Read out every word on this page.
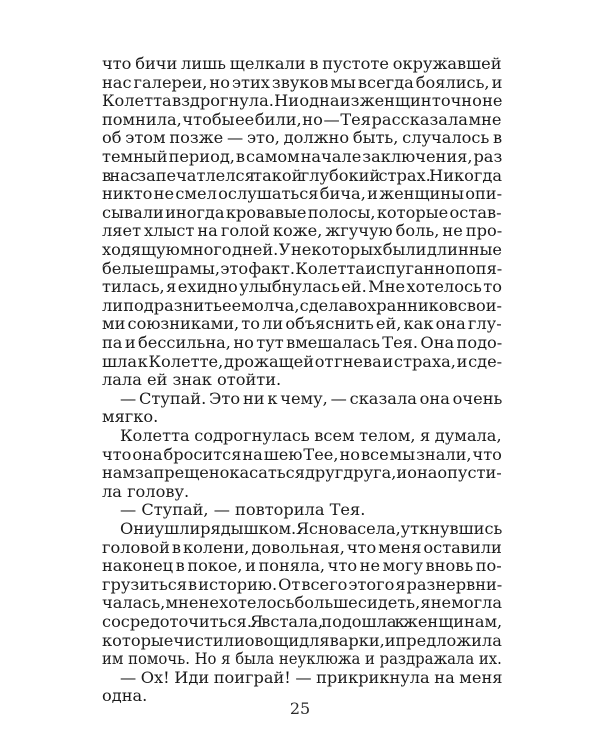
что бичи лишь щелкали в пустоте окружавшей
нас галереи, но этих звуков мы всегда боялись, и
Колетта вздрогнула. Ни одна из женщин точно не
помнила, чтобы ее били, но — Тея рассказала мне
об этом позже — это, должно быть, случалось в
темный период, в самом начале заключения, раз
в нас запечатлелся такой глубокий страх. Никогда
никто не смел ослушаться бича, и женщины опи-
сывали иногда кровавые полосы, которые остав-
ляет хлыст на голой коже, жгучую боль, не про-
ходящую много дней. У некоторых были длинные
белые шрамы, это факт. Колетта испуганно попя-
тилась, я ехидно улыбнулась ей. Мне хотелось то
ли подразнить ее молча, сделав охранников свои-
ми союзниками, то ли объяснить ей, как она глу-
па и бессильна, но тут вмешалась Тея. Она подо-
шла к Колетте, дрожащей от гнева и страха, и сде-
лала ей знак отойти.
— Ступай. Это ни к чему, — сказала она очень
мягко.
Колетта содрогнулась всем телом, я думала,
что она бросится на шею Тее, но все мы знали, что
нам запрещено касаться друг друга, и она опусти-
ла голову.
— Ступай, — повторила Тея.
Они ушли рядышком. Я снова села, уткнувшись
головой в колени, довольная, что меня оставили
наконец в покое, и поняла, что не могу вновь по-
грузиться в историю. От всего этого я разнервни-
чалась, мне не хотелось больше сидеть, я не могла
сосредоточиться. Я встала, подошла к женщинам,
которые чистили овощи для варки, и предложила
им помочь. Но я была неуклюжа и раздражала их.
— Ох! Иди поиграй! — прикрикнула на меня
одна.
25
